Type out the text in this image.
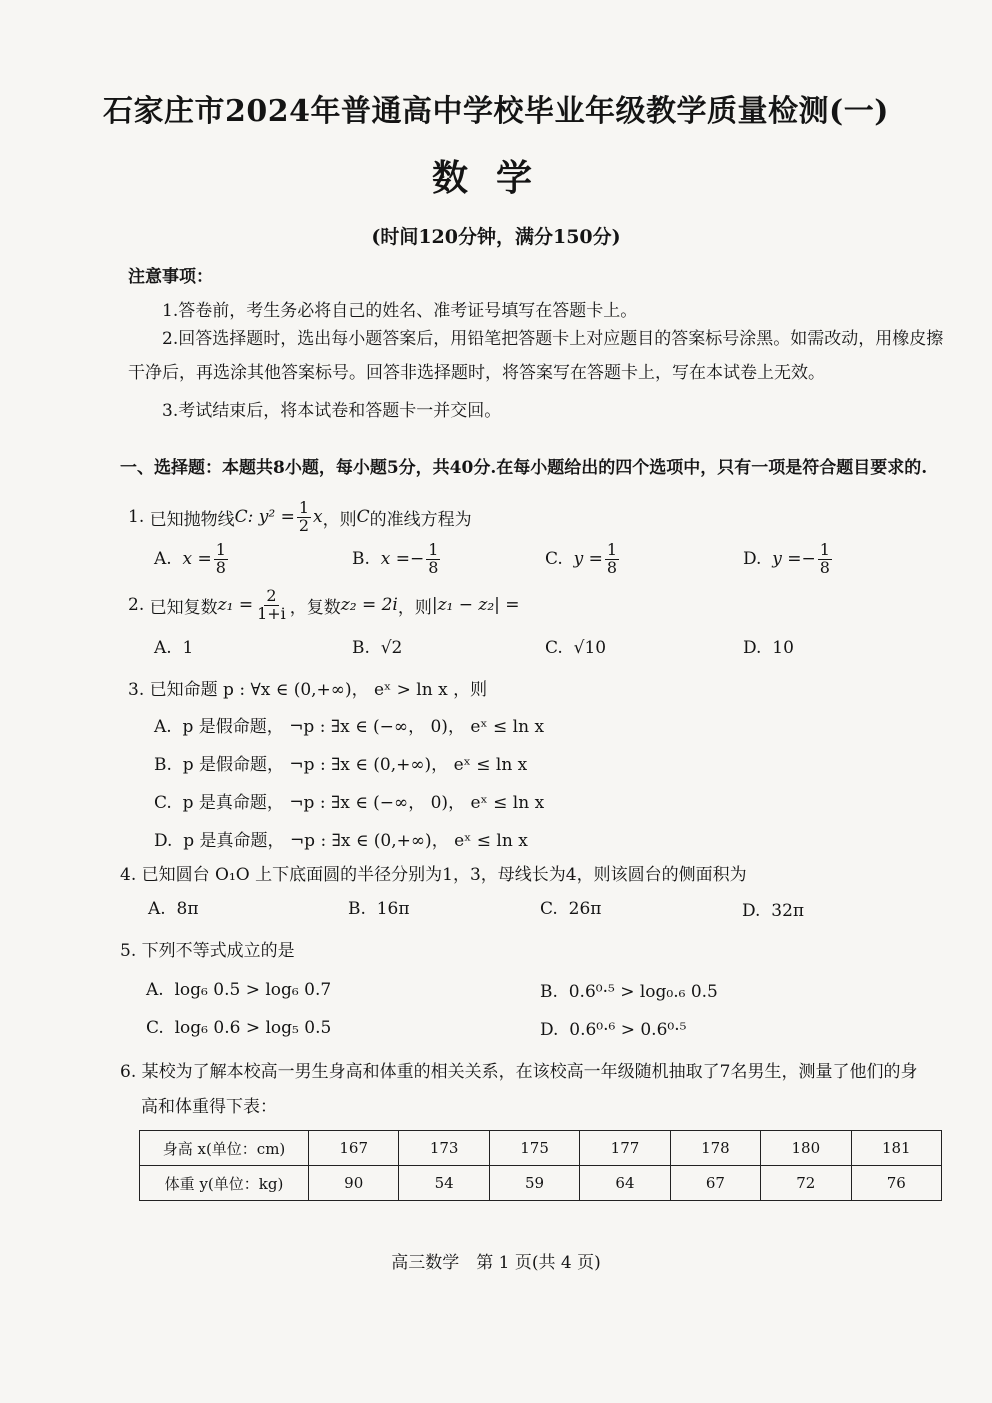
石家庄市2024年普通高中学校毕业年级教学质量检测(一)
数学
(时间120分钟，满分150分)
注意事项：
1.答卷前，考生务必将自己的姓名、准考证号填写在答题卡上。
2.回答选择题时，选出每小题答案后，用铅笔把答题卡上对应题目的答案标号涂黑。如需改动，用橡皮擦
干净后，再选涂其他答案标号。回答非选择题时，将答案写在答题卡上，写在本试卷上无效。
3.考试结束后，将本试卷和答题卡一并交回。
一、选择题：本题共8小题，每小题5分，共40分.在每小题给出的四个选项中，只有一项是符合题目要求的.
1.
已知抛物线 C : $y^2 = \frac{1}{2}$ x ，则 C 的准线方程为
A.
$x = \frac{1}{8}$	B.
x = − $\frac{1}{8}$	C.
$y = \frac{1}{8}$	D.
y = − $\frac{1}{8}$
2.
已知复数 $z_1 = \frac{2}{1+i}$ ，复数 z₂ = 2i ，则 |z₁ − z₂| =
A. 1	B. √2	C. √10	D. 10
3. 已知命题 p : ∀x ∈ (0,+∞)， eˣ > ln x ，则
A. p 是假命题， ¬p : ∃x ∈ (−∞， 0)， eˣ ≤ ln x
B. p 是假命题， ¬p : ∃x ∈ (0,+∞)， eˣ ≤ ln x
C. p 是真命题， ¬p : ∃x ∈ (−∞， 0)， eˣ ≤ ln x
D. p 是真命题， ¬p : ∃x ∈ (0,+∞)， eˣ ≤ ln x
4. 已知圆台 O₁O 上下底面圆的半径分别为1，3，母线长为4，则该圆台的侧面积为
A. 8π	B. 16π	C. 26π	D. 32π
5. 下列不等式成立的是
A. log₆ 0.5 > log₆ 0.7	B. 0.6⁰·⁵ > log₀.₆ 0.5
C. log₆ 0.6 > log₅ 0.5	D. 0.6⁰·⁶ > 0.6⁰·⁵
6. 某校为了解本校高一男生身高和体重的相关关系，在该校高一年级随机抽取了7名男生，测量了他们的身
高和体重得下表：
身高 x(单位：cm)	167	173	175	177	178	180	181
体重 y(单位：kg)	90	54	59	64	67	72	76
高三数学　第 1 页(共 4 页)
